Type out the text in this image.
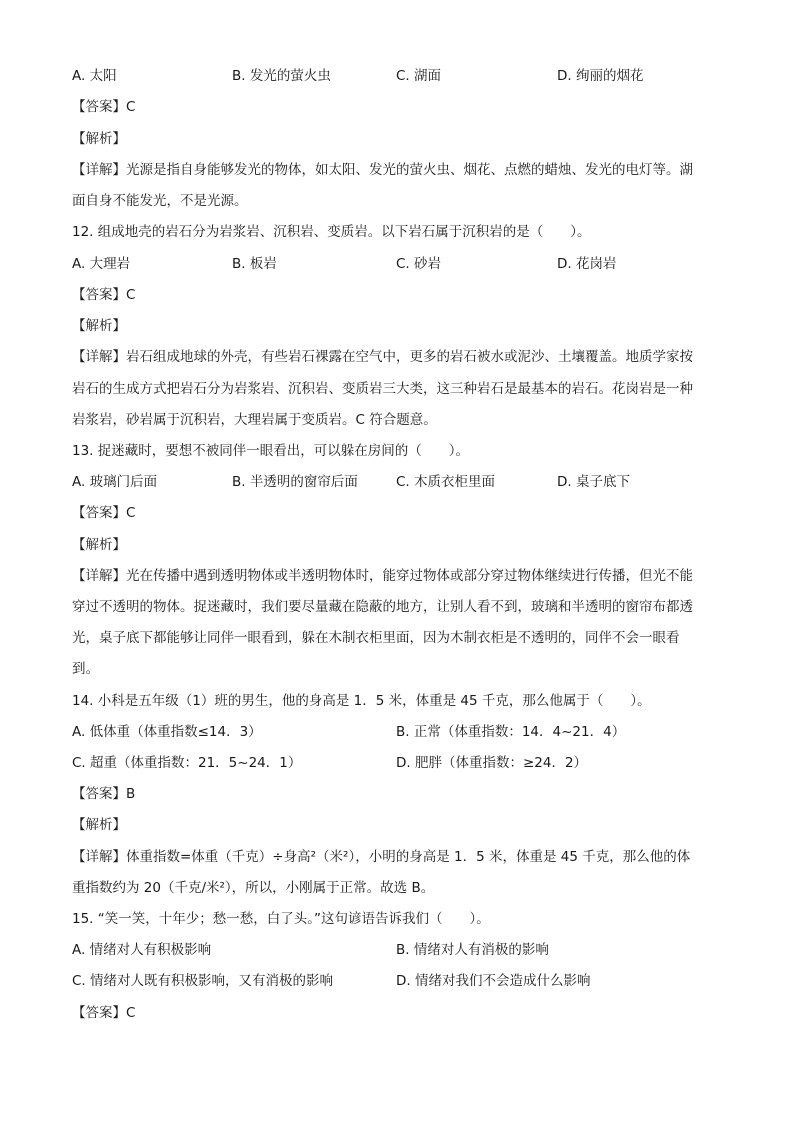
A. 太阳	B. 发光的萤火虫	C. 湖面	D. 绚丽的烟花
【答案】C
【解析】
【详解】光源是指自身能够发光的物体，如太阳、发光的萤火虫、烟花、点燃的蜡烛、发光的电灯等。湖
面自身不能发光，不是光源。
12. 组成地壳的岩石分为岩浆岩、沉积岩、变质岩。以下岩石属于沉积岩的是（　　）。
A. 大理岩	B. 板岩	C. 砂岩	D. 花岗岩
【答案】C
【解析】
【详解】岩石组成地球的外壳，有些岩石裸露在空气中，更多的岩石被水或泥沙、土壤覆盖。地质学家按
岩石的生成方式把岩石分为岩浆岩、沉积岩、变质岩三大类，这三种岩石是最基本的岩石。花岗岩是一种
岩浆岩，砂岩属于沉积岩，大理岩属于变质岩。C 符合题意。
13. 捉迷藏时，要想不被同伴一眼看出，可以躲在房间的（　　）。
A. 玻璃门后面	B. 半透明的窗帘后面	C. 木质衣柜里面	D. 桌子底下
【答案】C
【解析】
【详解】光在传播中遇到透明物体或半透明物体时，能穿过物体或部分穿过物体继续进行传播，但光不能
穿过不透明的物体。捉迷藏时，我们要尽量藏在隐蔽的地方，让别人看不到，玻璃和半透明的窗帘布都透
光，桌子底下都能够让同伴一眼看到，躲在木制衣柜里面，因为木制衣柜是不透明的，同伴不会一眼看
到。
14. 小科是五年级（1）班的男生，他的身高是 1．5 米，体重是 45 千克，那么他属于（　　）。
A. 低体重（体重指数≤14．3）	B. 正常（体重指数：14．4~21．4）
C. 超重（体重指数：21．5~24．1）	D. 肥胖（体重指数：≥24．2）
【答案】B
【解析】
【详解】体重指数=体重（千克）÷身高²（米²），小明的身高是 1．5 米，体重是 45 千克，那么他的体
重指数约为 20（千克/米²），所以，小刚属于正常。故选 B。
15. “笑一笑，十年少；愁一愁，白了头。”这句谚语告诉我们（　　）。
A. 情绪对人有积极影响	B. 情绪对人有消极的影响
C. 情绪对人既有积极影响，又有消极的影响	D. 情绪对我们不会造成什么影响
【答案】C
